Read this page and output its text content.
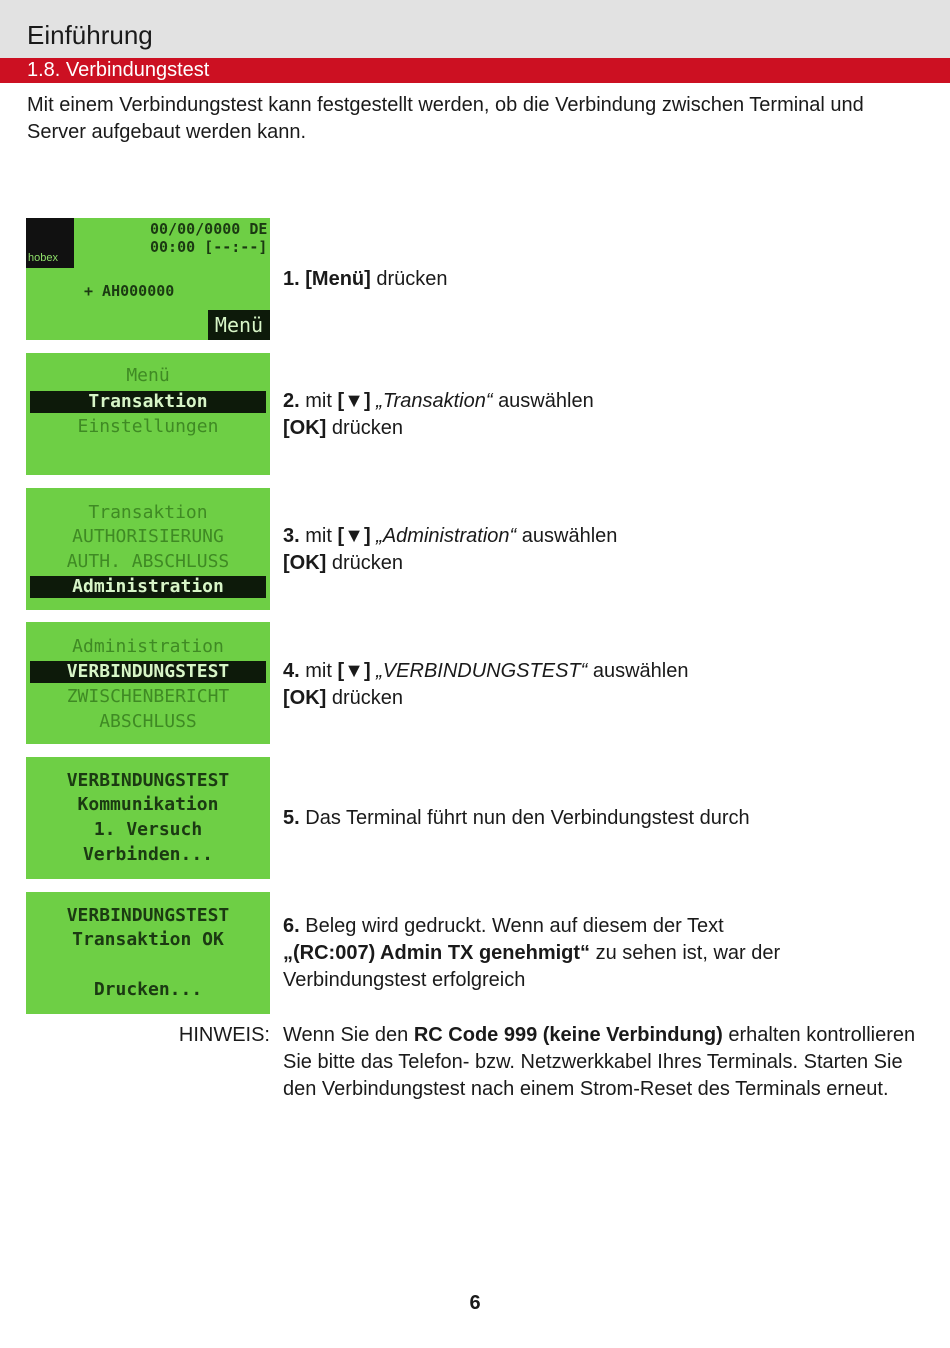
Einführung
1.8. Verbindungstest
Mit einem Verbindungstest kann festgestellt werden, ob die Verbindung zwischen Terminal und Server aufgebaut werden kann.
hobex
00/00/0000 DE
00:00 [--:--]
+ AH000000
Menü
1. [Menü] drücken
Menü
Transaktion
Einstellungen
2. mit [▼] „Transaktion“ auswählen
[OK] drücken
Transaktion
AUTHORISIERUNG
AUTH. ABSCHLUSS
Administration
3. mit [▼] „Administration“ auswählen
[OK] drücken
Administration
VERBINDUNGSTEST
ZWISCHENBERICHT
ABSCHLUSS
4. mit [▼] „VERBINDUNGSTEST“ auswählen
[OK] drücken
VERBINDUNGSTEST
Kommunikation
1. Versuch
Verbinden...
5. Das Terminal führt nun den Verbindungstest durch
VERBINDUNGSTEST
Transaktion OK
Drucken...
6. Beleg wird gedruckt. Wenn auf diesem der Text
„(RC:007) Admin TX genehmigt“ zu sehen ist, war der Verbindungstest erfolgreich
HINWEIS: Wenn Sie den RC Code 999 (keine Verbindung) erhalten kontrollieren Sie bitte das Telefon- bzw. Netzwerkkabel Ihres Terminals. Starten Sie den Verbindungstest nach einem Strom-Reset des Terminals erneut.
6
